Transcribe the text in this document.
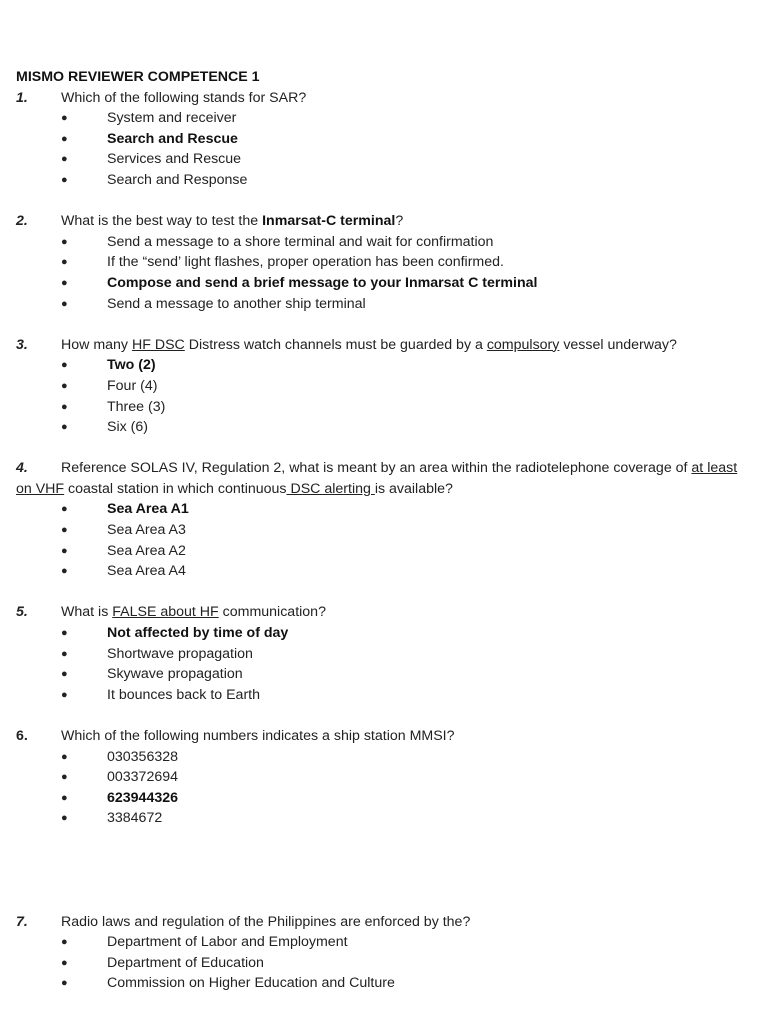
MISMO REVIEWER COMPETENCE 1
1. Which of the following stands for SAR?
●	System and receiver
●	Search and Rescue
●	Services and Rescue
●	Search and Response
2. What is the best way to test the Inmarsat-C terminal?
●	Send a message to a shore terminal and wait for confirmation
●	If the “send’ light flashes, proper operation has been confirmed.
●	Compose and send a brief message to your Inmarsat C terminal
●	Send a message to another ship terminal
3. How many HF DSC Distress watch channels must be guarded by a compulsory vessel underway?
●	Two (2)
●	Four (4)
●	Three (3)
●	Six (6)
4. Reference SOLAS IV, Regulation 2, what is meant by an area within the radiotelephone coverage of at least on VHF coastal station in which continuous DSC alerting is available?
●	Sea Area A1
●	Sea Area A3
●	Sea Area A2
●	Sea Area A4
5. What is FALSE about HF communication?
●	Not affected by time of day
●	Shortwave propagation
●	Skywave propagation
●	It bounces back to Earth
6. Which of the following numbers indicates a ship station MMSI?
●	030356328
●	003372694
●	623944326
●	3384672
7. Radio laws and regulation of the Philippines are enforced by the?
●	Department of Labor and Employment
●	Department of Education
●	Commission on Higher Education and Culture
